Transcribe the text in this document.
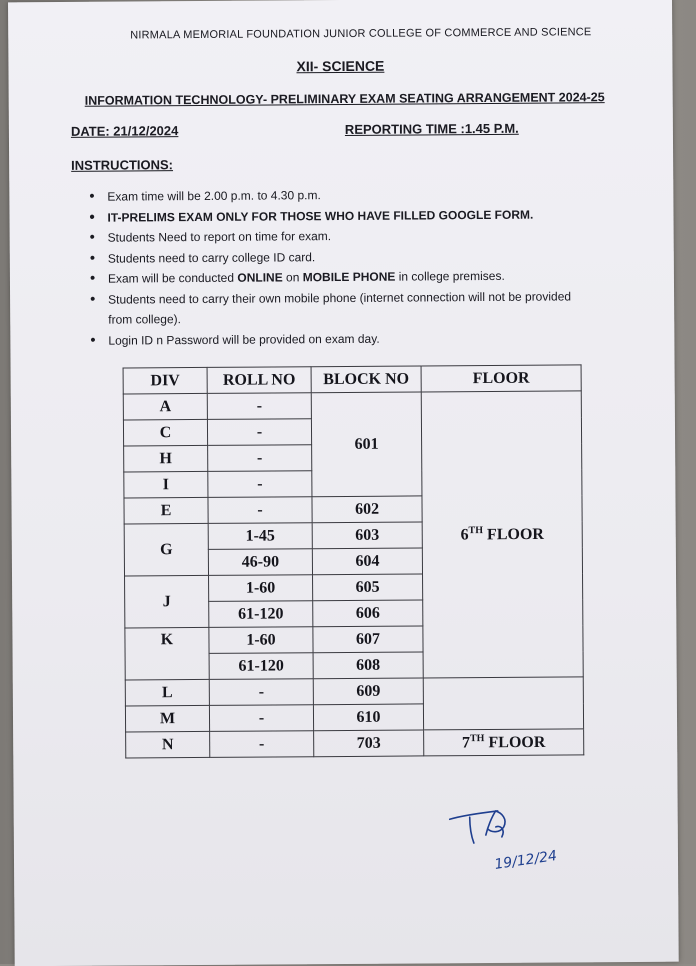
NIRMALA MEMORIAL FOUNDATION JUNIOR COLLEGE OF COMMERCE AND SCIENCE
XII- SCIENCE
INFORMATION TECHNOLOGY- PRELIMINARY EXAM SEATING ARRANGEMENT 2024-25
DATE: 21/12/2024	REPORTING TIME :1.45 P.M.
INSTRUCTIONS:
• Exam time will be 2.00 p.m. to 4.30 p.m.
• IT-PRELIMS EXAM ONLY FOR THOSE WHO HAVE FILLED GOOGLE FORM.
• Students Need to report on time for exam.
• Students need to carry college ID card.
• Exam will be conducted ONLINE on MOBILE PHONE in college premises.
• Students need to carry their own mobile phone (internet connection will not be provided from college).
• Login ID n Password will be provided on exam day.
DIV	ROLL NO	BLOCK NO	FLOOR
A	-	601	6TH FLOOR
C	-		
H	-		
I	-		
E	-	602	
G	1-45	603	
	46-90	604	
J	1-60	605	
	61-120	606	
K	1-60	607	
	61-120	608	
L	-	609	
M	-	610	
N	-	703	7TH FLOOR
19/12/24
